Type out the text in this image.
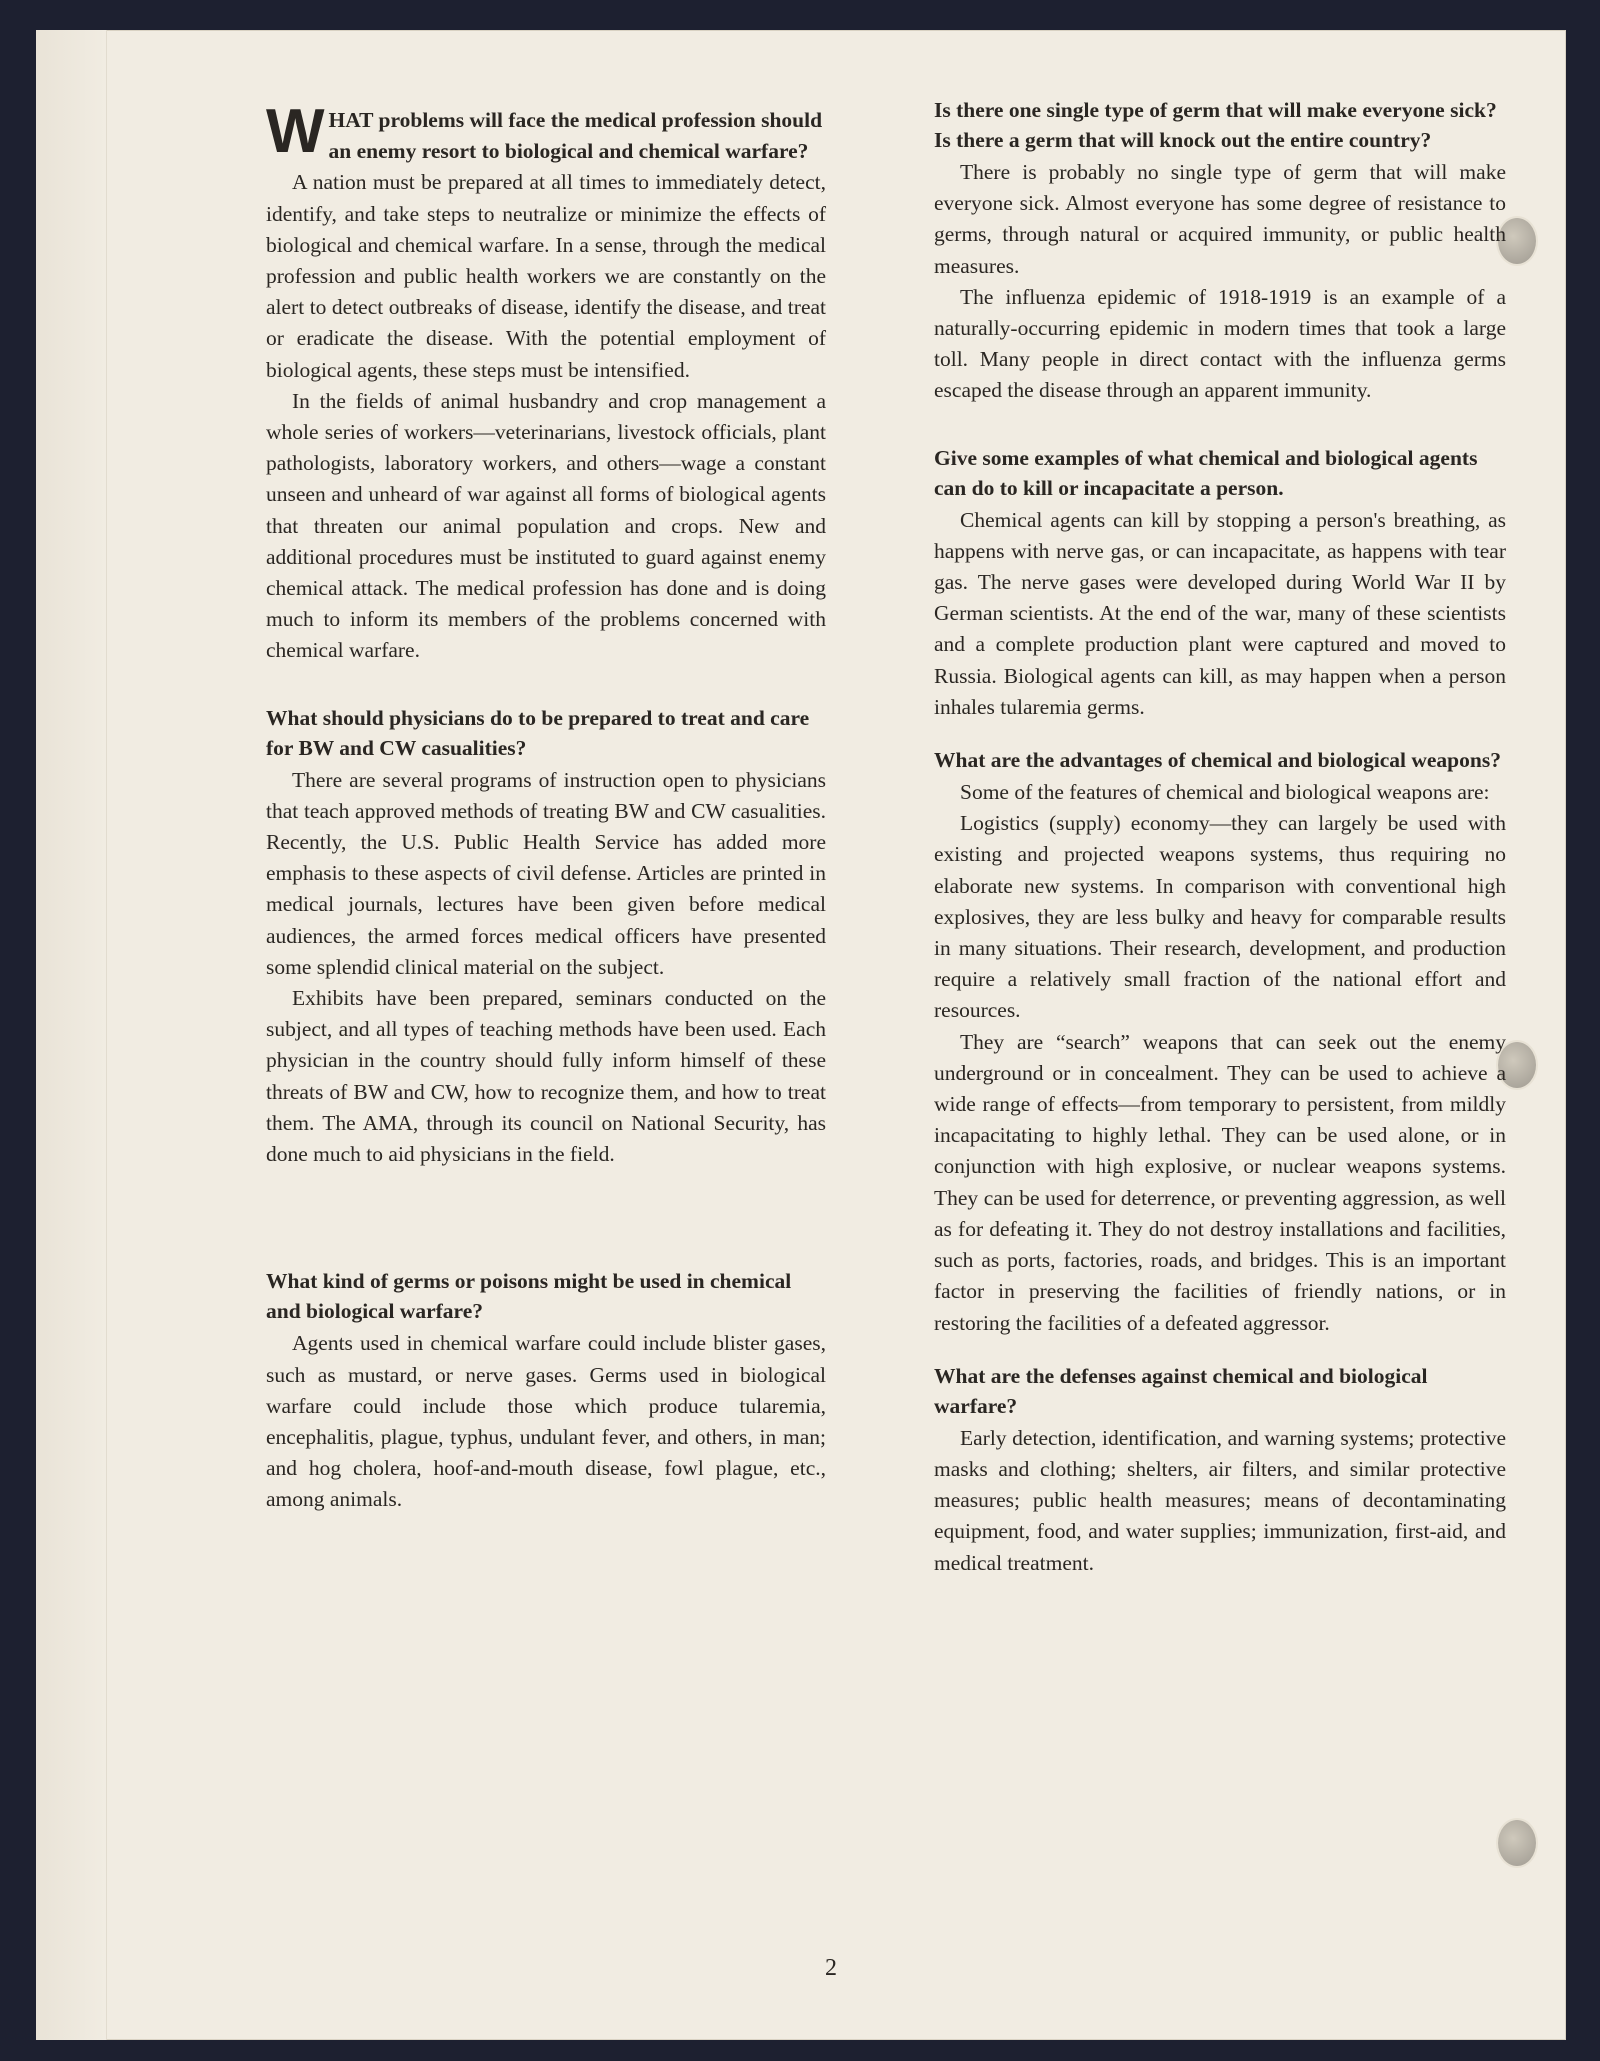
W HAT problems will face the medical profession should an enemy resort to biological and chemical warfare?

A nation must be prepared at all times to immediately detect, identify, and take steps to neutralize or minimize the effects of biological and chemical warfare. In a sense, through the medical profession and public health workers we are constantly on the alert to detect outbreaks of disease, identify the disease, and treat or eradicate the disease. With the potential employment of biological agents, these steps must be intensified.

In the fields of animal husbandry and crop management a whole series of workers—veterinarians, livestock officials, plant pathologists, laboratory workers, and others—wage a constant unseen and unheard of war against all forms of biological agents that threaten our animal population and crops. New and additional procedures must be instituted to guard against enemy chemical attack. The medical profession has done and is doing much to inform its members of the problems concerned with chemical warfare.

What should physicians do to be prepared to treat and care for BW and CW casualities?

There are several programs of instruction open to physicians that teach approved methods of treating BW and CW casualities. Recently, the U.S. Public Health Service has added more emphasis to these aspects of civil defense. Articles are printed in medical journals, lectures have been given before medical audiences, the armed forces medical officers have presented some splendid clinical material on the subject.

Exhibits have been prepared, seminars conducted on the subject, and all types of teaching methods have been used. Each physician in the country should fully inform himself of these threats of BW and CW, how to recognize them, and how to treat them. The AMA, through its council on National Security, has done much to aid physicians in the field.

What kind of germs or poisons might be used in chemical and biological warfare?

Agents used in chemical warfare could include blister gases, such as mustard, or nerve gases. Germs used in biological warfare could include those which produce tularemia, encephalitis, plague, typhus, undulant fever, and others, in man; and hog cholera, hoof-and-mouth disease, fowl plague, etc., among animals.

Is there one single type of germ that will make everyone sick? Is there a germ that will knock out the entire country?

There is probably no single type of germ that will make everyone sick. Almost everyone has some degree of resistance to germs, through natural or acquired immunity, or public health measures.

The influenza epidemic of 1918-1919 is an example of a naturally-occurring epidemic in modern times that took a large toll. Many people in direct contact with the influenza germs escaped the disease through an apparent immunity.

Give some examples of what chemical and biological agents can do to kill or incapacitate a person.

Chemical agents can kill by stopping a person's breathing, as happens with nerve gas, or can incapacitate, as happens with tear gas. The nerve gases were developed during World War II by German scientists. At the end of the war, many of these scientists and a complete production plant were captured and moved to Russia. Biological agents can kill, as may happen when a person inhales tularemia germs.

What are the advantages of chemical and biological weapons?

Some of the features of chemical and biological weapons are:

Logistics (supply) economy—they can largely be used with existing and projected weapons systems, thus requiring no elaborate new systems. In comparison with conventional high explosives, they are less bulky and heavy for comparable results in many situations. Their research, development, and production require a relatively small fraction of the national effort and resources.

They are “search” weapons that can seek out the enemy underground or in concealment. They can be used to achieve a wide range of effects—from temporary to persistent, from mildly incapacitating to highly lethal. They can be used alone, or in conjunction with high explosive, or nuclear weapons systems. They can be used for deterrence, or preventing aggression, as well as for defeating it. They do not destroy installations and facilities, such as ports, factories, roads, and bridges. This is an important factor in preserving the facilities of friendly nations, or in restoring the facilities of a defeated aggressor.

What are the defenses against chemical and biological warfare?

Early detection, identification, and warning systems; protective masks and clothing; shelters, air filters, and similar protective measures; public health measures; means of decontaminating equipment, food, and water supplies; immunization, first-aid, and medical treatment.

2
